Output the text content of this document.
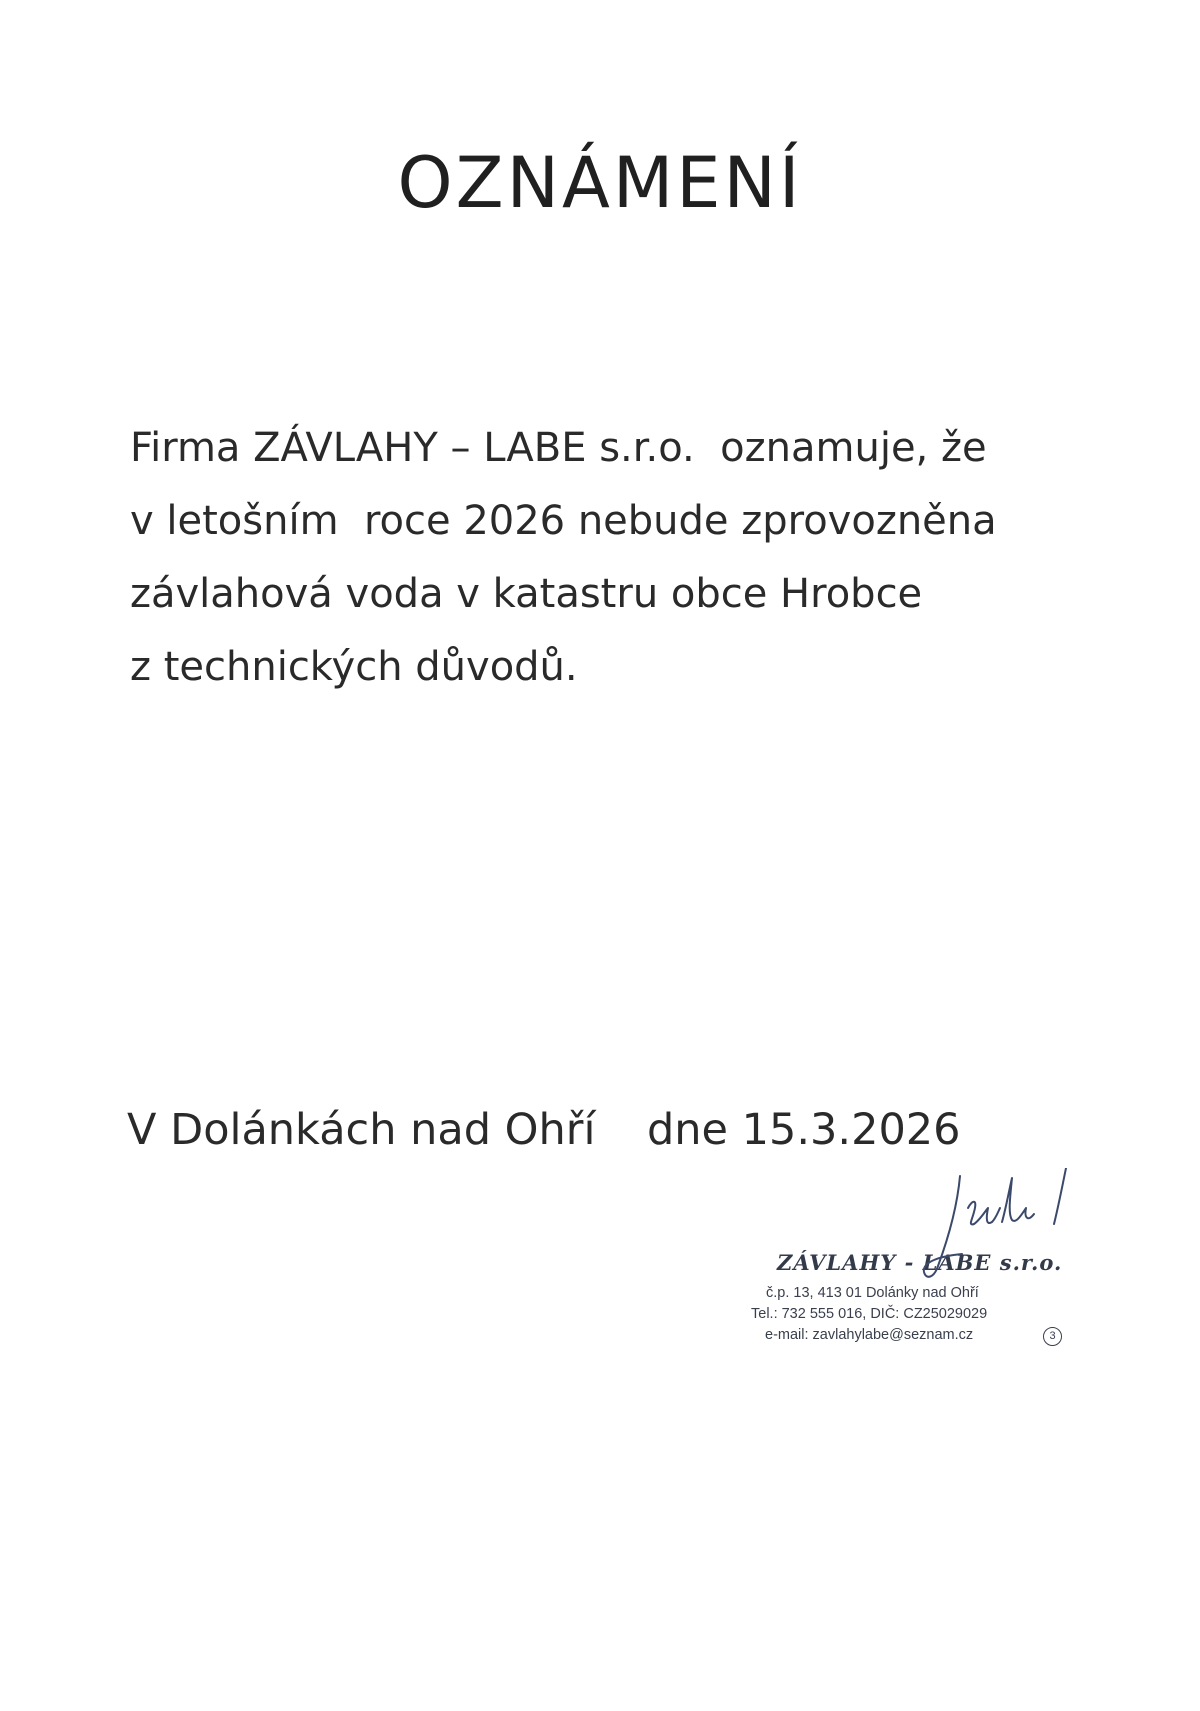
OZNÁMENÍ
Firma ZÁVLAHY – LABE s.r.o.  oznamuje, že
v letošním  roce 2026 nebude zprovozněna
závlahová voda v katastru obce Hrobce
z technických důvodů.
V Dolánkách nad Ohří dne 15.3.2026
ZÁVLAHY - LABE s.r.o.
č.p. 13, 413 01 Dolánky nad Ohří
Tel.: 732 555 016, DIČ: CZ25029029
e-mail: zavlahylabe@seznam.cz	3
